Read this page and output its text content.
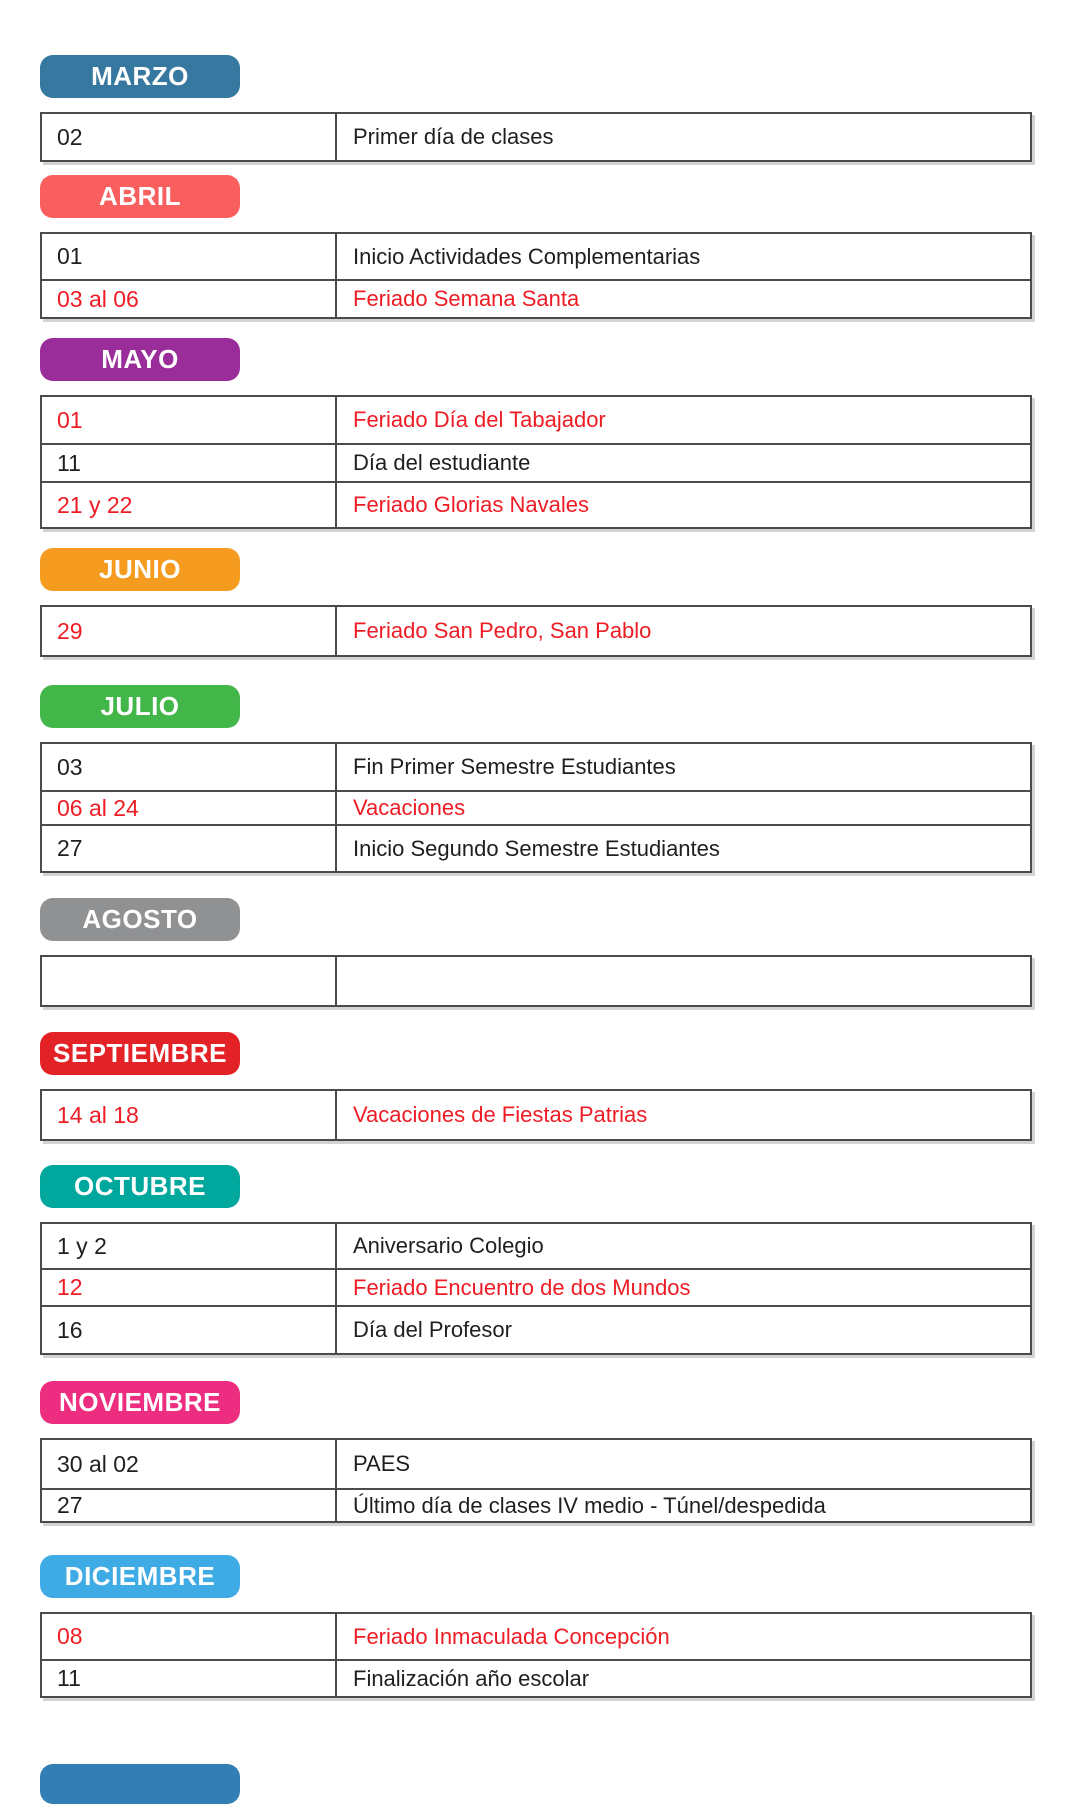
MARZO
02	Primer día de clases
ABRIL
01	Inicio Actividades Complementarias
03 al 06	Feriado Semana Santa
MAYO
01	Feriado Día del Tabajador
11	Día del estudiante
21 y 22	Feriado Glorias Navales
JUNIO
29	Feriado San Pedro, San Pablo
JULIO
03	Fin Primer Semestre Estudiantes
06 al 24	Vacaciones
27	Inicio Segundo Semestre Estudiantes
AGOSTO

SEPTIEMBRE
14 al 18	Vacaciones de Fiestas Patrias
OCTUBRE
1 y 2	Aniversario Colegio
12	Feriado Encuentro de dos Mundos
16	Día del Profesor
NOVIEMBRE
30 al 02	PAES
27	Último día de clases IV medio - Túnel/despedida
DICIEMBRE
08	Feriado Inmaculada Concepción
11	Finalización año escolar
